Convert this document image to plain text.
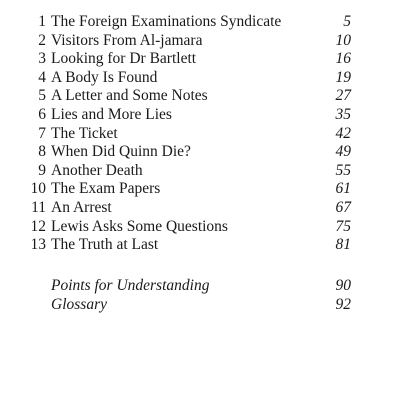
1 The Foreign Examinations Syndicate	5
2 Visitors From Al-jamara	10
3 Looking for Dr Bartlett	16
4 A Body Is Found	19
5 A Letter and Some Notes	27
6 Lies and More Lies	35
7 The Ticket	42
8 When Did Quinn Die?	49
9 Another Death	55
10 The Exam Papers	61
11 An Arrest	67
12 Lewis Asks Some Questions	75
13 The Truth at Last	81
Points for Understanding	90
Glossary	92
